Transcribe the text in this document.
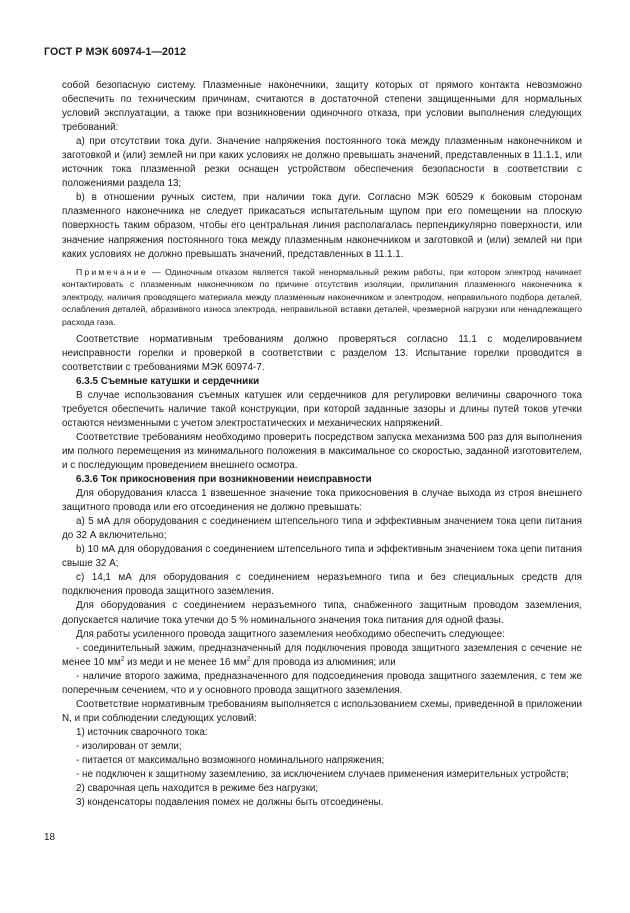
ГОСТ Р МЭК 60974-1—2012

собой безопасную систему. Плазменные наконечники, защиту которых от прямого контакта невозможно обеспечить по техническим причинам, считаются в достаточной степени защищенными для нормальных условий эксплуатации, а также при возникновении одиночного отказа, при условии выполнения следующих требований:

a) при отсутствии тока дуги. Значение напряжения постоянного тока между плазменным наконечником и заготовкой и (или) землей ни при каких условиях не должно превышать значений, представленных в 11.1.1, или источник тока плазменной резки оснащен устройством обеспечения безопасности в соответствии с положениями раздела 13;

b) в отношении ручных систем, при наличии тока дуги. Согласно МЭК 60529 к боковым сторонам плазменного наконечника не следует прикасаться испытательным щупом при его помещении на плоскую поверхность таким образом, чтобы его центральная линия располагалась перпендикулярно поверхности, или значение напряжения постоянного тока между плазменным наконечником и заготовкой и (или) землей ни при каких условиях не должно превышать значений, представленных в 11.1.1.

Примечание — Одиночным отказом является такой ненормальный режим работы, при котором электрод начинает контактировать с плазменным наконечником по причине отсутствия изоляции, прилипания плазменного наконечника к электроду, наличия проводящего материала между плазменным наконечником и электродом, неправильного подбора деталей, ослабления деталей, абразивного износа электрода, неправильной вставки деталей, чрезмерной нагрузки или ненадлежащего расхода газа.

Соответствие нормативным требованиям должно проверяться согласно 11.1 с моделированием неисправности горелки и проверкой в соответствии с разделом 13. Испытание горелки проводится в соответствии с требованиями МЭК 60974-7.

6.3.5 Съемные катушки и сердечники

В случае использования съемных катушек или сердечников для регулировки величины сварочного тока требуется обеспечить наличие такой конструкции, при которой заданные зазоры и длины путей токов утечки остаются неизменными с учетом электростатических и механических напряжений.

Соответствие требованиям необходимо проверить посредством запуска механизма 500 раз для выполнения им полного перемещения из минимального положения в максимальное со скоростью, заданной изготовителем, и с последующим проведением внешнего осмотра.

6.3.6 Ток прикосновения при возникновении неисправности

Для оборудования класса 1 взвешенное значение тока прикосновения в случае выхода из строя внешнего защитного провода или его отсоединения не должно превышать:

a) 5 мА для оборудования с соединением штепсельного типа и эффективным значением тока цепи питания до 32 А включительно;

b) 10 мА для оборудования с соединением штепсельного типа и эффективным значением тока цепи питания свыше 32 А;

c) 14,1 мА для оборудования с соединением неразъемного типа и без специальных средств для подключения провода защитного заземления.

Для оборудования с соединением неразъемного типа, снабженного защитным проводом заземления, допускается наличие тока утечки до 5 % номинального значения тока питания для одной фазы.

Для работы усиленного провода защитного заземления необходимо обеспечить следующее:

- соединительный зажим, предназначенный для подключения провода защитного заземления с сечение не менее 10 $мм^2$ из меди и не менее 16 $мм^2$ для провода из алюминия; или

- наличие второго зажима, предназначенного для подсоединения провода защитного заземления, с тем же поперечным сечением, что и у основного провода защитного заземления.

Соответствие нормативным требованиям выполняется с использованием схемы, приведенной в приложении N, и при соблюдении следующих условий:

1) источник сварочного тока:

- изолирован от земли;

- питается от максимально возможного номинального напряжения;

- не подключен к защитному заземлению, за исключением случаев применения измерительных устройств;

2) сварочная цепь находится в режиме без нагрузки;

3) конденсаторы подавления помех не должны быть отсоединены.

18
